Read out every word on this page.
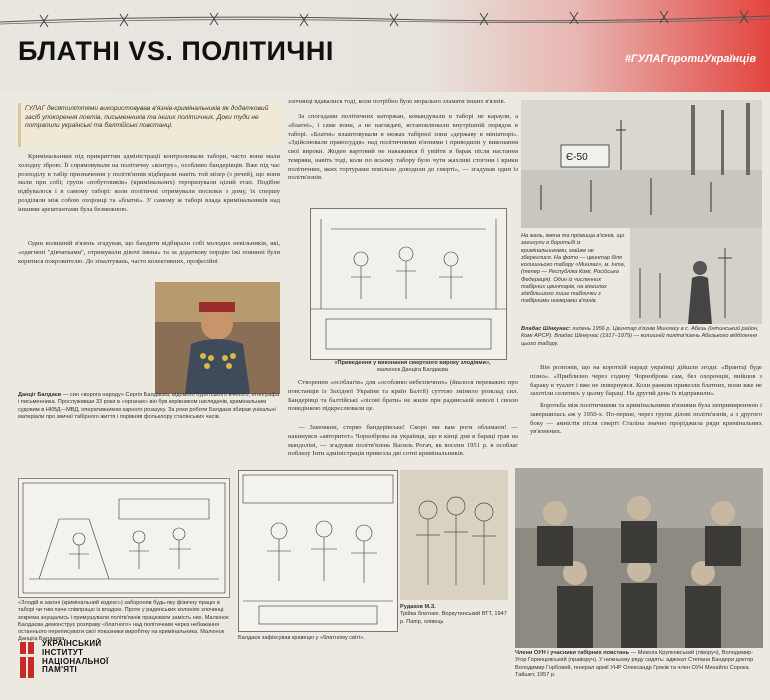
БЛАТНІ VS. ПОЛІТИЧНІ	#ГУЛАГпротиУкраїнців
ГУЛАГ десятиліттями використовував в'язнів-кримінальників як додатковий засіб упокорення поетів, письменників та інших політичних. Доки туди не потрапили українські та балтійські повстанці.
Кримінальники під прикриттям адміністрації контролювали табори, часто вони мали холодну зброю. Її спрямовували на політичну «контру», особливо бандерівців. Вже під час розподілу в табір призначення у політв'язнів відбирали навіть той мізер (з речей), що вони мали при собі; групи «побутовиків» (кримінальних) тероризували цілий етап. Подібне відбувалося і в самому таборі: коли політичні отримували посилки з дому, їх спершу розділяли між собою охоронці та «блатні». У самому ж таборі влада кримінальників над іншими арештантами була безмежною.
Один колишній в'язень згадував, що бандити відбирали собі молодих невільників, які, «одягнені "дівчатками", отримували дівочі імена» та за додаткову порцію їжі повинні були коритися покровителю. До зґвалтувань, часто колективних, професійні
Данціг Балдаєв — син «ворога народу» Сергія Балдаєва, відомого бурятського вченого, етнографа і письменника. Прослуживши 33 роки в «органах» він був керівником наглядачів, кримінальним судовим в НКВД—МВД, оперативником карного розшуку. За роки роботи Балдаєв збирав унікальні матеріали про звичаї табірного життя і порівняв фольклору сталінських часів.
«Злодій в законі (кримінальний кодекс») забороняв будь-яку фізичну працю в таборі чи тим паче співпрацю із владою. Проте у радянських колоніях злочинці зокрема знущались і примушували політв'язнів працювати замість них. Малюнок Балдаєва демонструє розправу «блатного» над політичним через небажання останнього переписувати свої показники виробітку на кримінальника. Малюнок Данціга Балдаєва
УКРАЇНСЬКИЙ
ІНСТИТУТ
НАЦІОНАЛЬНОЇ
ПАМ'ЯТІ
злочинці вдавалися тоді, коли потрібно було морально зламати інших в'язнів.
За спогадами політичних каторжан, командували в таборі не караули, а «блатні», і саме вони, а не наглядачі, встановлювали внутрішній порядок в таборі. «Блатні» влаштовували в межах табірної зони «державу в мініатюрі». «Здійснювали правосуддя» над політичними в'язнями і приводили у виконання свої вироки. Жоден вартовий не наважився б увійти в барак після настання темряви, навіть тоді, коли по всьому табору було чути жахливі стогони і крики політичних, яких тортурами повільно доводили до смерті», — згадував один із політв'язнів.
«Приведення у виконання смертного вироку злодіями»,
малюнок Данціга Балдаєва
Створення «особлагів» для «особливо небезпечних» (йшлося переважно про повстанців із Західної України та країн Балтії) суттєво змінило розклад сил. Бандерівці та балтійські «лісові брати» не жили при радянській неволі і своєю поведінкою підкреслювали це.
— Замовкни, стерво бандерівське! Скоро ми вам роги обламаєм! — накинувся «авторитет» Чорноброва на українця, що в кінці дня в бараці грав на мандоліні, — згадував політв'язень Василь Рогач, як восени 1951 р. в особлаг поблизу Інти адміністрація привезла дві сотні кримінальників.
Балдаєв зафіксував кравецю у «блатному світі».
Рудаков М.З.
Трійка блатних. Воркутинський ВТТ, 1947 р. Папір, олівець
Є-50
На жаль, імена та прізвища в'язнів, що загинули в боротьбі із кримінальниками, майже не збереглися. На фото — цвинтар біля колишнього табору «Минлаг», м. Інта, (тепер — Республіка Комі, Російська Федерація). Один із численних табірних цвинтарів, на могилах здебільшого лише таблички з табірними номерами в'язнів.
Владас Шінкунас: липень 1956 р. Цвинтар в'язнів Минлагу в с. Абезь (Інтинський район, Комі АРСР). Владас Шінкунас (1917–1979) — колишній політв'язень Абезького відділення цього табору.
Він розповів, що на короткій нараді українці дійшли згоди: «Врантці буде пізно». «Приблизно через годину Чорноброва сам, без охоронців, вийшов з бараку в туалет і вже не повернувся. Коли ранком привезли блатних, вони вже не захотіли селитись у цьому бараці. На другий день їх відправили».
Боротьба між політичними та кримінальними в'язнями була непримиренною і завершилась аж у 1950-х. По-перше, через групи ділові політв'язнів, а з другого боку — амністія після смерті Сталіна значно проріджила ряди кримінальних ув'язнених.
Члени ОУН і учасники табірних повстань — Микола Крупковський (ліворуч), Володимир-Угор Горинцовський (праворуч). У нижньому ряду сидять: адвокат Степана Бандери доктор Володимир Горбовий, генерал армії УНР Олександр Греків та член ОУН Михайло Сорока. Тайшет, 1957 р.
